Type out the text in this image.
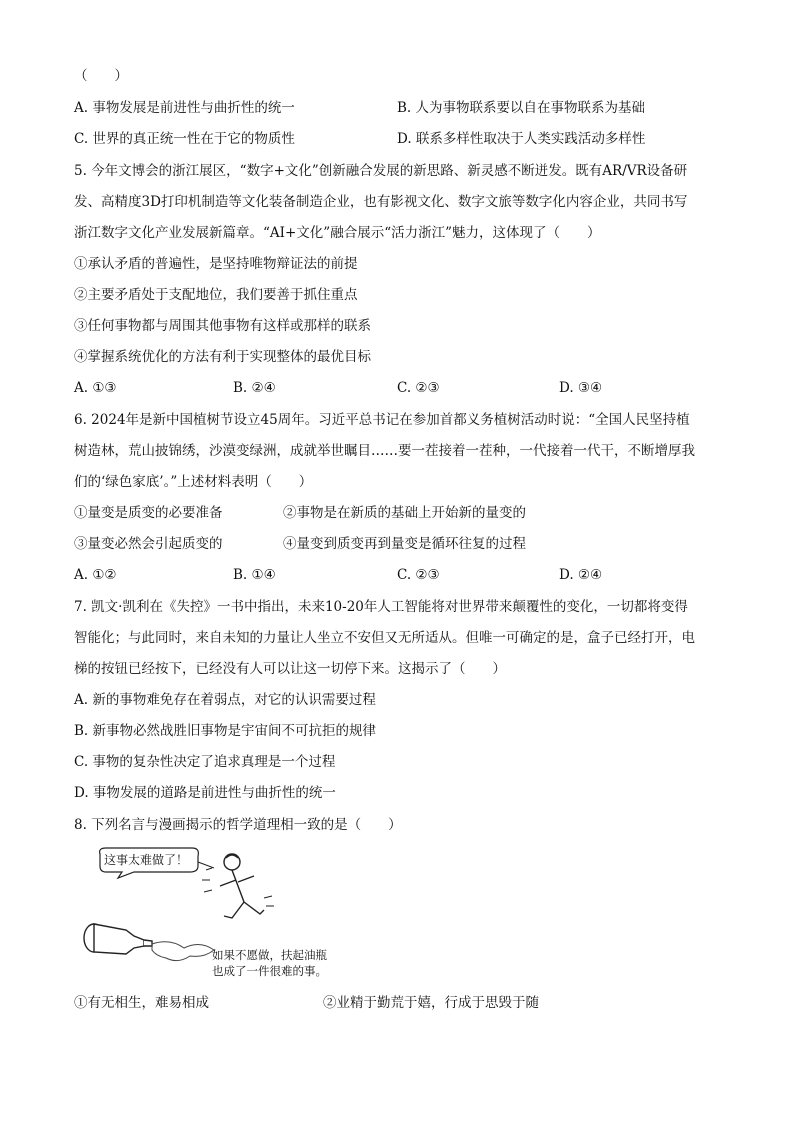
（　　）
A. 事物发展是前进性与曲折性的统一	B. 人为事物联系要以自在事物联系为基础
C. 世界的真正统一性在于它的物质性	D. 联系多样性取决于人类实践活动多样性
5. 今年文博会的浙江展区，“数字+文化”创新融合发展的新思路、新灵感不断迸发。既有AR/VR设备研
发、高精度3D打印机制造等文化装备制造企业，也有影视文化、数字文旅等数字化内容企业，共同书写
浙江数字文化产业发展新篇章。“AI+文化”融合展示“活力浙江”魅力，这体现了（　　）
①承认矛盾的普遍性，是坚持唯物辩证法的前提
②主要矛盾处于支配地位，我们要善于抓住重点
③任何事物都与周围其他事物有这样或那样的联系
④掌握系统优化的方法有利于实现整体的最优目标
A. ①③	B. ②④	C. ②③	D. ③④
6. 2024年是新中国植树节设立45周年。习近平总书记在参加首都义务植树活动时说：“全国人民坚持植
树造林，荒山披锦绣，沙漠变绿洲，成就举世瞩目……要一茬接着一茬种，一代接着一代干，不断增厚我
们的‘绿色家底’。”上述材料表明（　　）
①量变是质变的必要准备	②事物是在新质的基础上开始新的量变的
③量变必然会引起质变的	④量变到质变再到量变是循环往复的过程
A. ①②	B. ①④	C. ②③	D. ②④
7. 凯文·凯利在《失控》一书中指出，未来10-20年人工智能将对世界带来颠覆性的变化，一切都将变得
智能化；与此同时，来自未知的力量让人坐立不安但又无所适从。但唯一可确定的是，盒子已经打开，电
梯的按钮已经按下，已经没有人可以让这一切停下来。这揭示了（　　）
A. 新的事物难免存在着弱点，对它的认识需要过程
B. 新事物必然战胜旧事物是宇宙间不可抗拒的规律
C. 事物的复杂性决定了追求真理是一个过程
D. 事物发展的道路是前进性与曲折性的统一
8. 下列名言与漫画揭示的哲学道理相一致的是（　　）
这事太难做了！
如果不愿做，扶起油瓶
也成了一件很难的事。
①有无相生，难易相成	②业精于勤荒于嬉，行成于思毁于随
